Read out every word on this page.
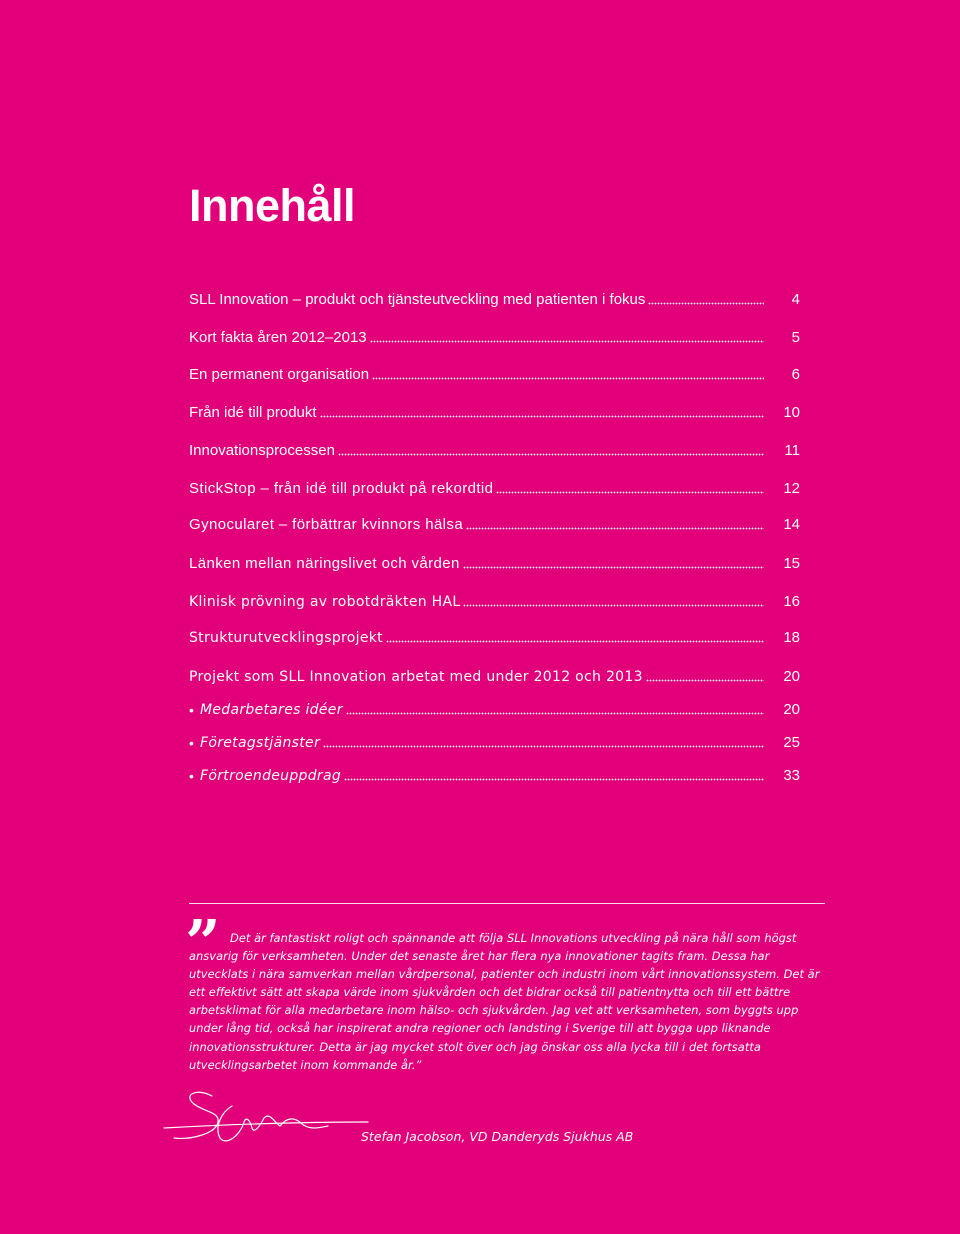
Innehåll
SLL Innovation – produkt och tjänsteutveckling med patienten i fokus	4
Kort fakta åren 2012–2013	5
En permanent organisation	6
Från idé till produkt	10
Innovationsprocessen	11
StickStop – från idé till produkt på rekordtid	12
Gynocularet – förbättrar kvinnors hälsa	14
Länken mellan näringslivet och vården	15
Klinisk prövning av robotdräkten HAL	16
Strukturutvecklingsprojekt	18
Projekt som SLL Innovation arbetat med under 2012 och 2013	20
• Medarbetares idéer	20
• Företagstjänster	25
• Förtroendeuppdrag	33
”	Det är fantastiskt roligt och spännande att följa SLL Innovations utveckling på nära håll som högst ansvarig för verksamheten. Under det senaste året har flera nya innovationer tagits fram. Dessa har utvecklats i nära samverkan mellan vårdpersonal, patienter och industri inom vårt innovationssystem. Det är ett effektivt sätt att skapa värde inom sjukvården och det bidrar också till patientnytta och till ett bättre arbetsklimat för alla medarbetare inom hälso- och sjukvården. Jag vet att verksamheten, som byggts upp under lång tid, också har inspirerat andra regioner och landsting i Sverige till att bygga upp liknande innovationsstrukturer. Detta är jag mycket stolt över och jag önskar oss alla lycka till i det fortsatta utvecklingsarbetet inom kommande år.”

Stefan Jacobson, VD Danderyds Sjukhus AB
